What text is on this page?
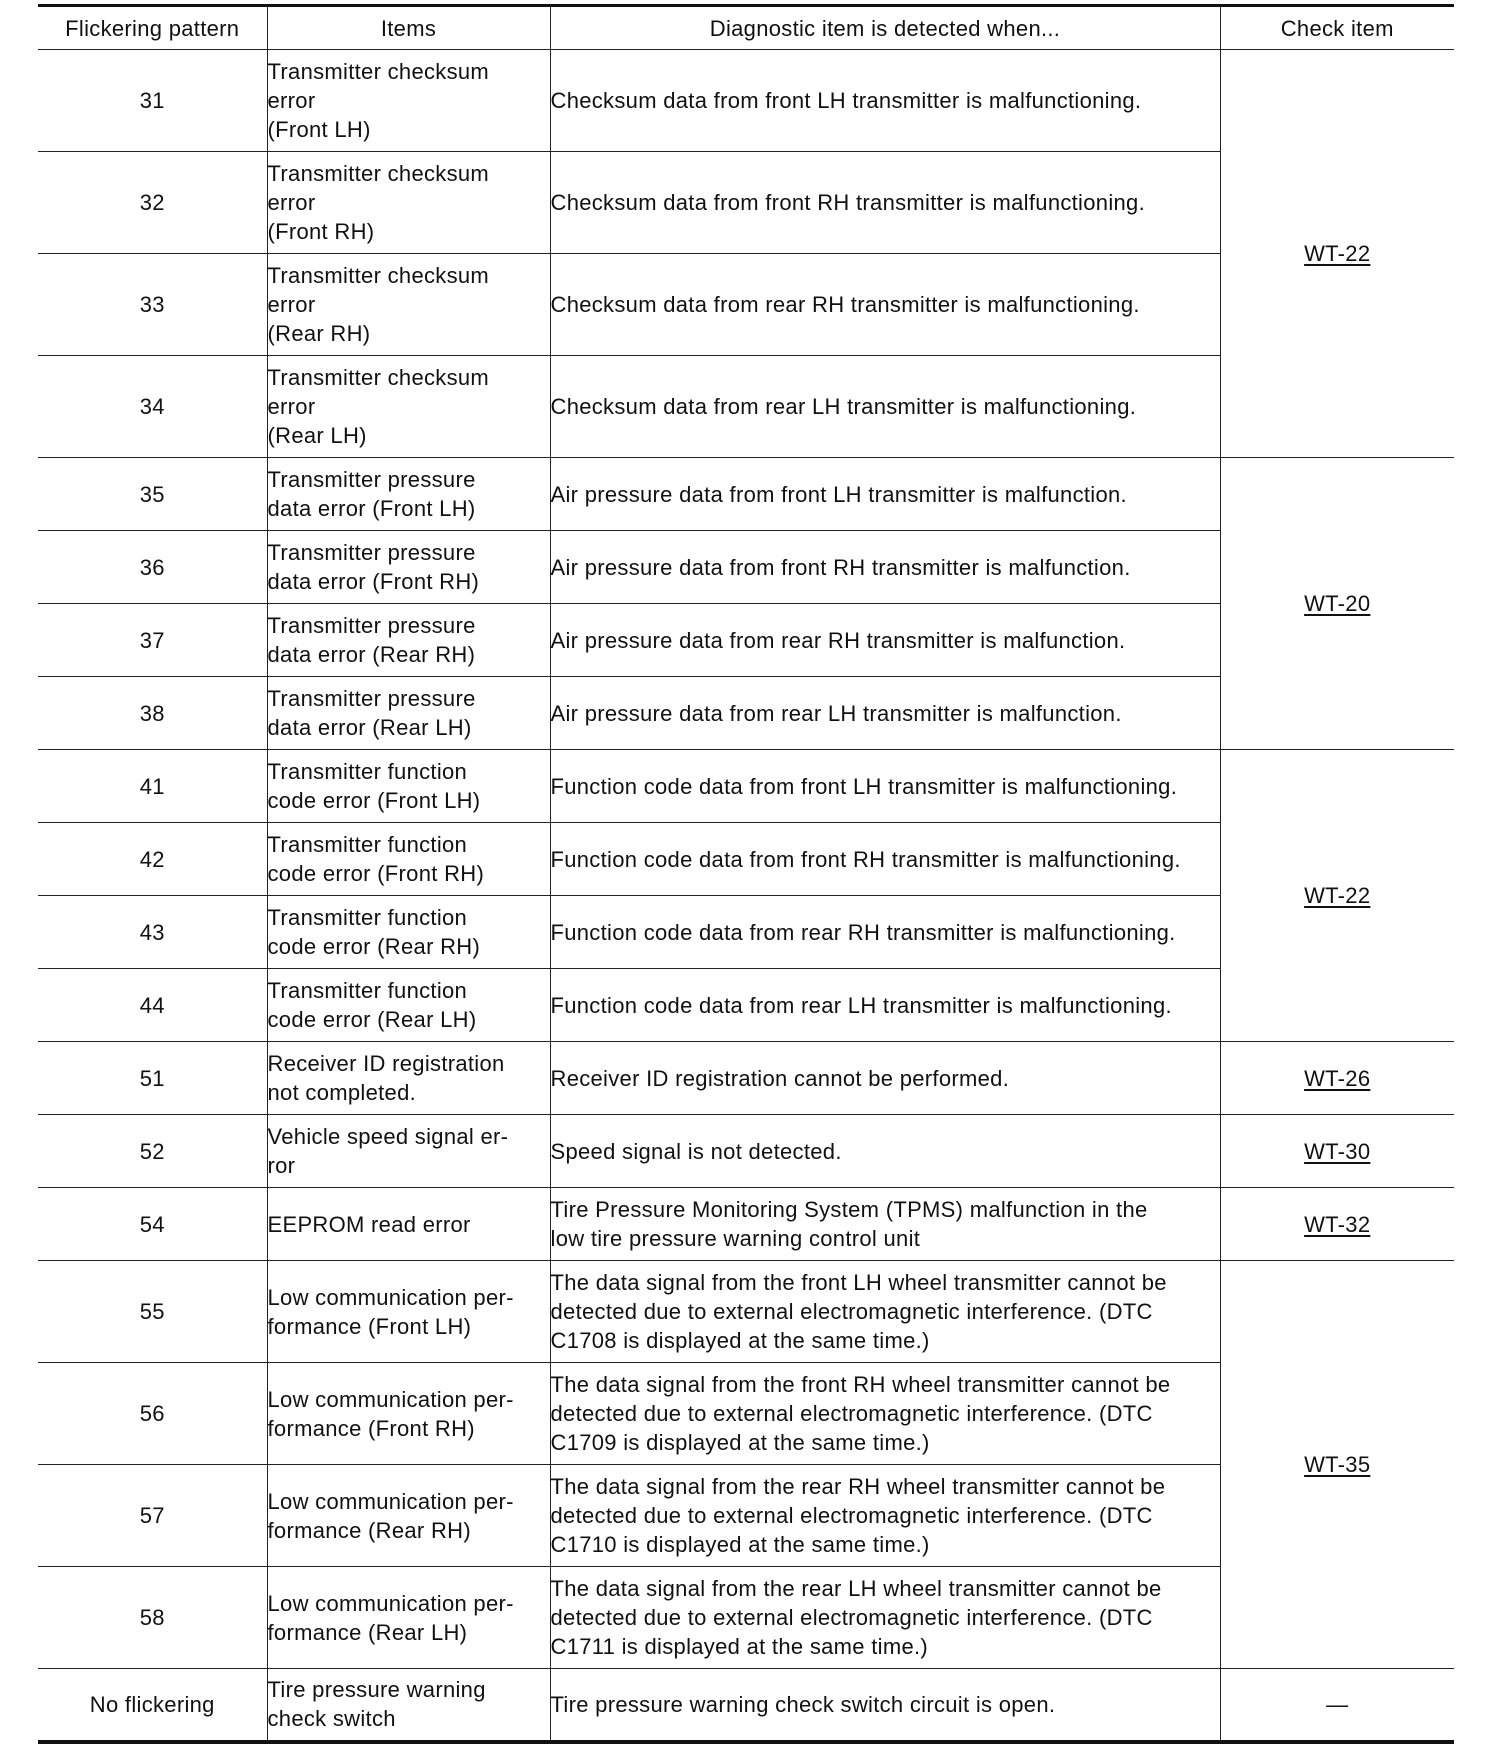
Flickering pattern	Items	Diagnostic item is detected when...	Check item
31	Transmitter checksum
error
(Front LH)	Checksum data from front LH transmitter is malfunctioning.	WT-22
32	Transmitter checksum
error
(Front RH)	Checksum data from front RH transmitter is malfunctioning.	
33	Transmitter checksum
error
(Rear RH)	Checksum data from rear RH transmitter is malfunctioning.	
34	Transmitter checksum
error
(Rear LH)	Checksum data from rear LH transmitter is malfunctioning.	
35	Transmitter pressure
data error (Front LH)	Air pressure data from front LH transmitter is malfunction.	WT-20
36	Transmitter pressure
data error (Front RH)	Air pressure data from front RH transmitter is malfunction.	
37	Transmitter pressure
data error (Rear RH)	Air pressure data from rear RH transmitter is malfunction.	
38	Transmitter pressure
data error (Rear LH)	Air pressure data from rear LH transmitter is malfunction.	
41	Transmitter function
code error (Front LH)	Function code data from front LH transmitter is malfunctioning.	WT-22
42	Transmitter function
code error (Front RH)	Function code data from front RH transmitter is malfunctioning.	
43	Transmitter function
code error (Rear RH)	Function code data from rear RH transmitter is malfunctioning.	
44	Transmitter function
code error (Rear LH)	Function code data from rear LH transmitter is malfunctioning.	
51	Receiver ID registration
not completed.	Receiver ID registration cannot be performed.	WT-26
52	Vehicle speed signal er-
ror	Speed signal is not detected.	WT-30
54	EEPROM read error	Tire Pressure Monitoring System (TPMS) malfunction in the
low tire pressure warning control unit	WT-32
55	Low communication per-
formance (Front LH)	The data signal from the front LH wheel transmitter cannot be
detected due to external electromagnetic interference. (DTC
C1708 is displayed at the same time.)	WT-35
56	Low communication per-
formance (Front RH)	The data signal from the front RH wheel transmitter cannot be
detected due to external electromagnetic interference. (DTC
C1709 is displayed at the same time.)	
57	Low communication per-
formance (Rear RH)	The data signal from the rear RH wheel transmitter cannot be
detected due to external electromagnetic interference. (DTC
C1710 is displayed at the same time.)	
58	Low communication per-
formance (Rear LH)	The data signal from the rear LH wheel transmitter cannot be
detected due to external electromagnetic interference. (DTC
C1711 is displayed at the same time.)	
No flickering	Tire pressure warning
check switch	Tire pressure warning check switch circuit is open.	—
